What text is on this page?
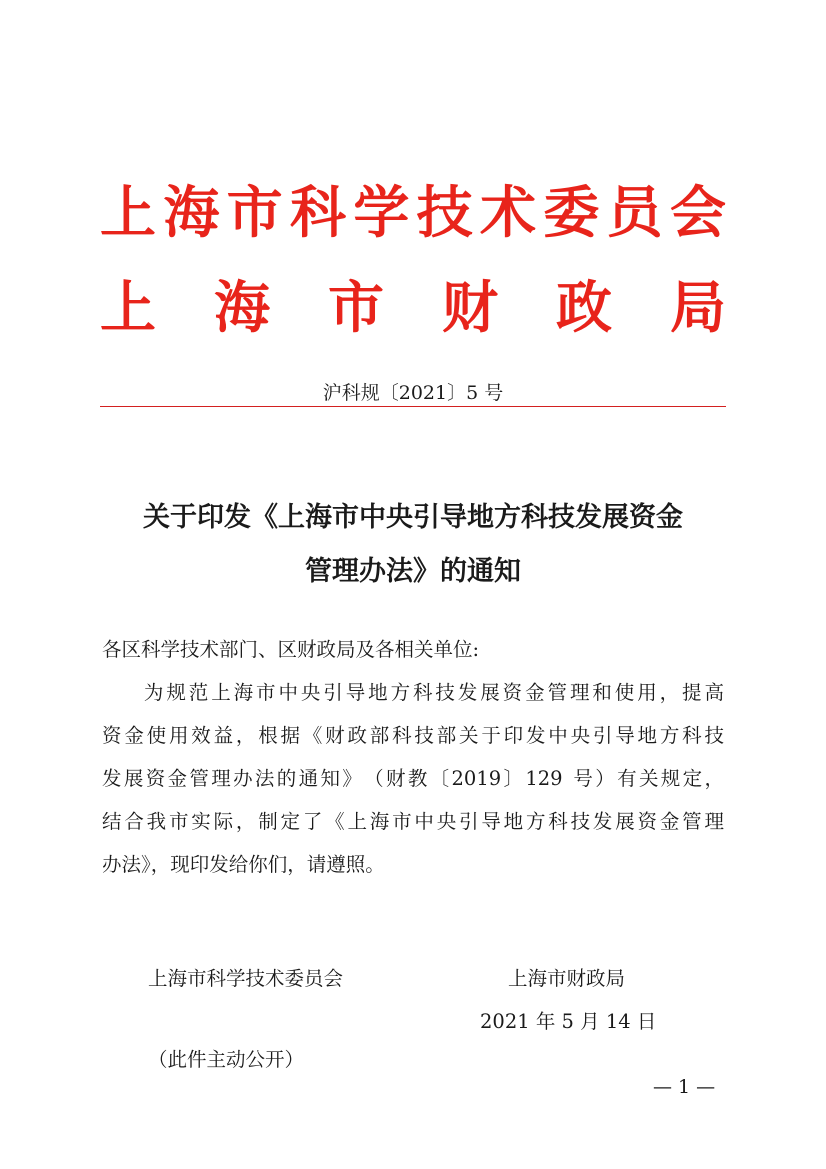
上 海 市 科 学 技 术 委 员 会
上 海 市 财 政 局
沪科规〔2021〕5 号
关于印发《上海市中央引导地方科技发展资金
管理办法》的通知
各区科学技术部门、区财政局及各相关单位:

为 规 范 上 海 市 中 央 引 导 地 方 科 技 发 展 资 金 管 理 和 使 用 ， 提 高
资 金 使 用 效 益 ， 根 据 《 财 政 部 科 技 部 关 于 印 发 中 央 引 导 地 方 科 技
发 展 资 金 管 理 办 法 的 通 知 》 （ 财 教 〔 2019 〕 129
号 ） 有 关 规 定 ，
结 合 我 市 实 际 ， 制 定 了 《 上 海 市 中 央 引 导 地 方 科 技 发 展 资 金 管 理
办法》，现印发给你们，请遵照。
上海市科学技术委员会	上海市财政局
2021 年 5 月 14 日
（此件主动公开）
— 1 —
